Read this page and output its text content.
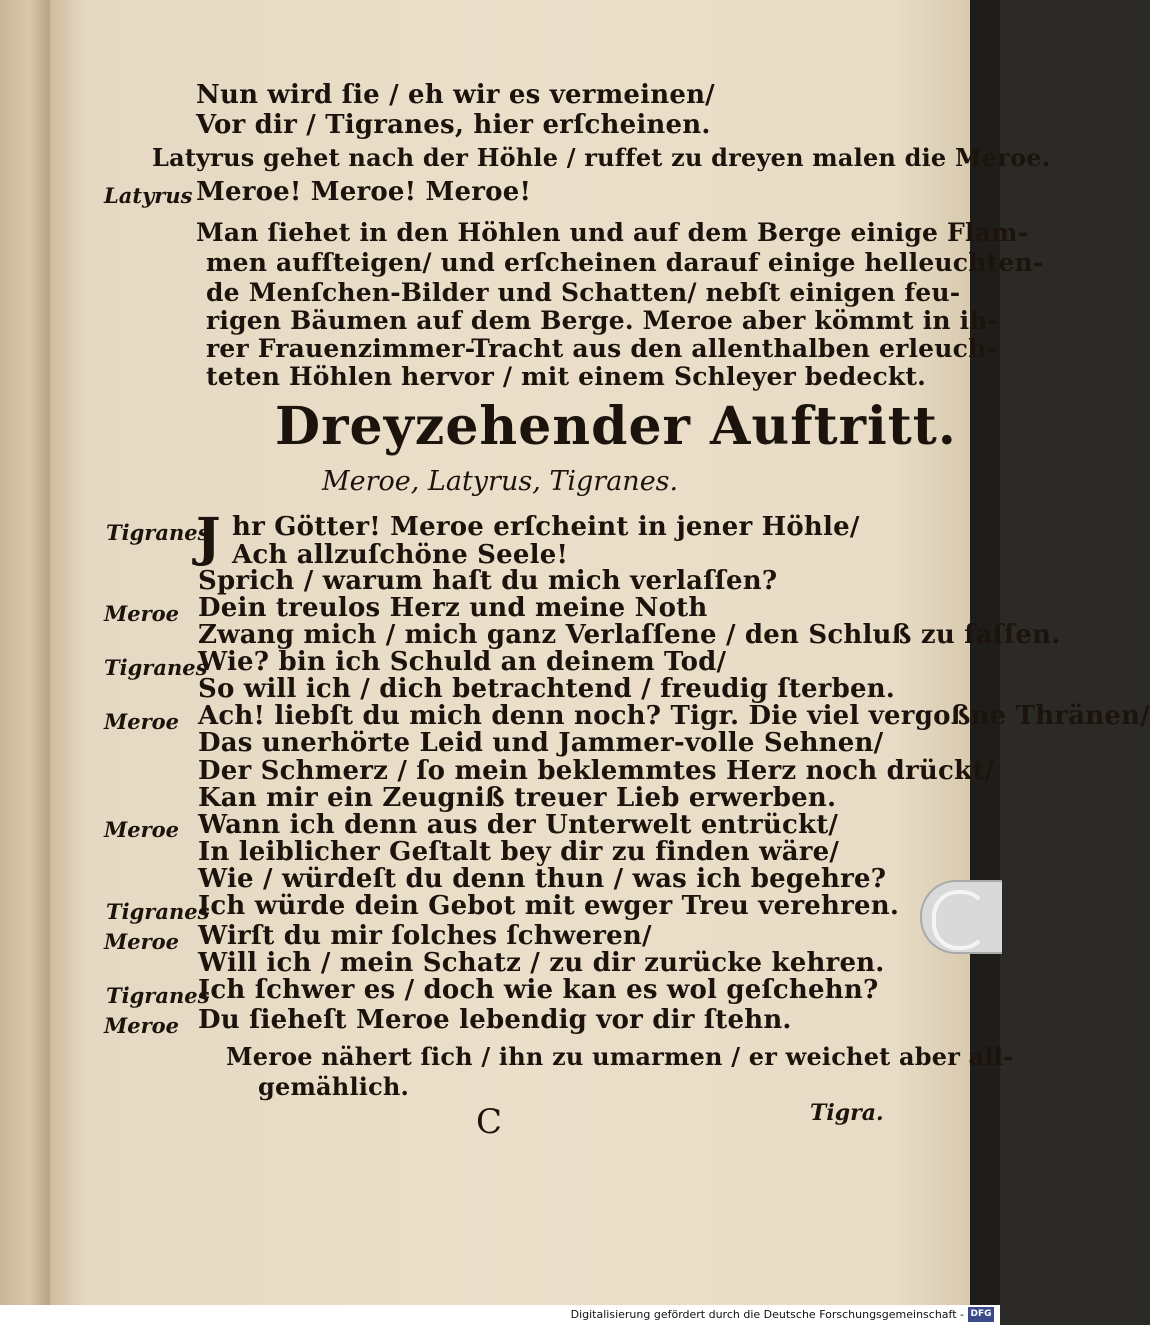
Nun wird ſie / eh wir es vermeinen/
Vor dir / Tigranes, hier erſcheinen.
Latyrus gehet nach der Höhle / ruffet zu dreyen malen die Meroe.
Latyrus Meroe! Meroe! Meroe!
Man ſiehet in den Höhlen und auf dem Berge einige Flam-
men aufſteigen/ und erſcheinen darauf einige helleuchten-
de Menſchen-Bilder und Schatten/ nebſt einigen feu-
rigen Bäumen auf dem Berge. Meroe aber kömmt in ih-
rer Frauenzimmer-Tracht aus den allenthalben erleuch-
teten Höhlen hervor / mit einem Schleyer bedeckt.
Dreyzehender Auftritt.
Meroe, Latyrus, Tigranes.
J
Tigranes hr Götter! Meroe erſcheint in jener Höhle/
Ach allzuſchöne Seele!
Sprich / warum haſt du mich verlaſſen?
Meroe Dein treulos Herz und meine Noth
Zwang mich / mich ganz Verlaſſene / den Schluß zu faſſen.
Tigranes
Wie? bin ich Schuld an deinem Tod/
So will ich / dich betrachtend / freudig ſterben.
Meroe Ach! liebſt du mich denn noch? Tigr. Die viel vergoßne Thränen/
Das unerhörte Leid und Jammer-volle Sehnen/
Der Schmerz / ſo mein beklemmtes Herz noch drückt/
Kan mir ein Zeugniß treuer Lieb erwerben.
Meroe Wann ich denn aus der Unterwelt entrückt/
In leiblicher Geſtalt bey dir zu finden wäre/
Wie / würdeſt du denn thun / was ich begehre?
Tigranes
Ich würde dein Gebot mit ewger Treu verehren.
Meroe Wirſt du mir ſolches ſchweren/
Will ich / mein Schatz / zu dir zurücke kehren.
Tigranes
Ich ſchwer es / doch wie kan es wol geſchehn?
Meroe Du ſieheſt Meroe lebendig vor dir ſtehn.
Meroe nähert ſich / ihn zu umarmen / er weichet aber all-
gemählich.
C	Tigra.
Digitalisierung gefördert durch die Deutsche Forschungsgemeinschaft - DFG
